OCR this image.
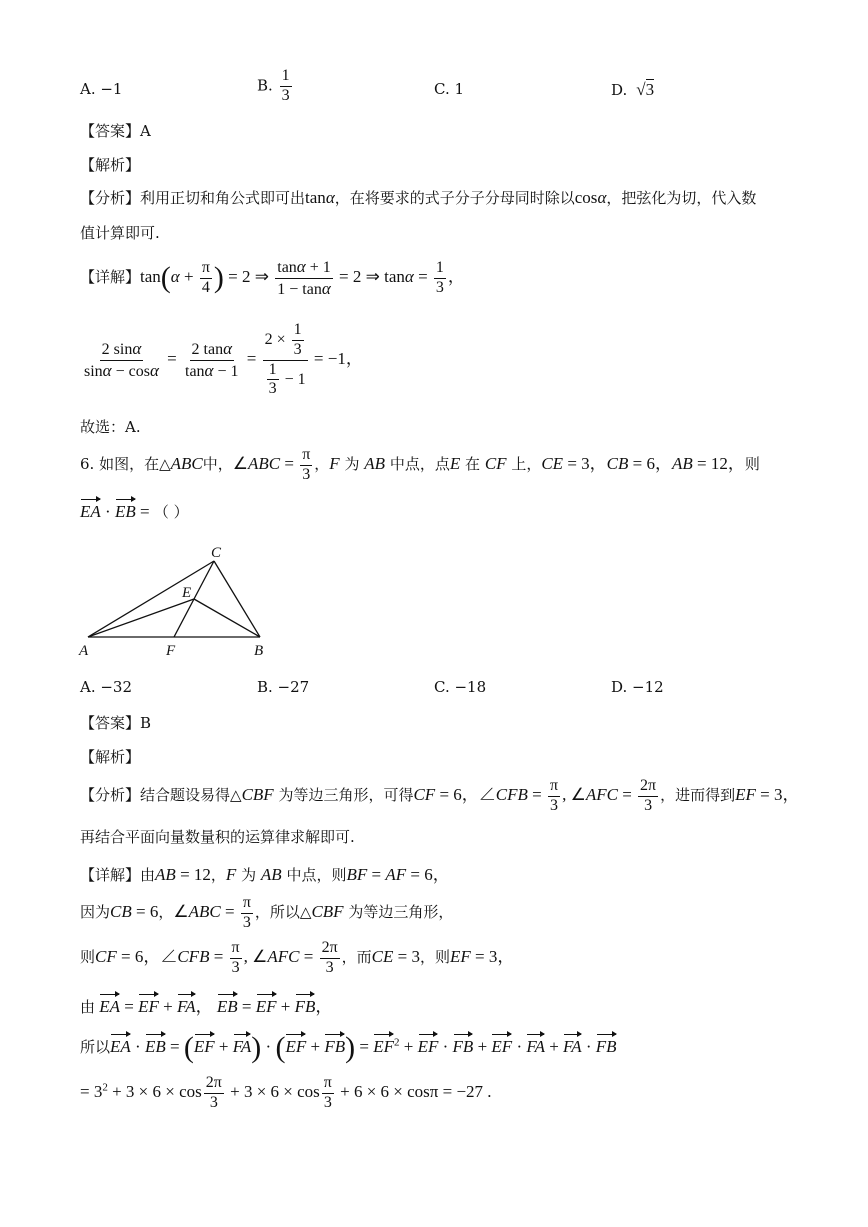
A. −1	B. $\frac{1}{3}$	C. 1	D.  √3
【答案】A
【解析】
【分析】利用正切和角公式即可出tanα，在将要求的式子分子分母同时除以cosα，把弦化为切，代入数
值计算即可.
【详解】$\tan(\alpha + \frac{\pi}{4}$ ) = 2 ⇒ $\frac{\tan\alpha + 1}{1 - \tan\alpha} = 2$ ⇒ $\tan\alpha = \frac{1}{3}$ ，
$\frac{2 \sin\alpha}{\sin\alpha - \cos\alpha} = \frac{2 \tan\alpha}{\tan\alpha - 1} = \frac{2 \times \frac{1}{3}}{\frac{1}{3} - 1} = -1$，
故选：A.
6. 如图，在△ABC中，∠ABC = $\frac{\pi}{3}$ ，F 为 AB 中点，点E 在 CF 上，CE = 3，CB = 6，AB = 12，则
EA · EB = （ ）
C
E
A	F	B
A. −32	B. −27	C. −18	D. −12
【答案】B
【解析】
【分析】结合题设易得△CBF 为等边三角形，可得CF = 6，∠CFB = $\frac{\pi}{3}$ , ∠AFC = $\frac{2\pi}{3}$ ，进而得到EF = 3，
再结合平面向量数量积的运算律求解即可.
【详解】由AB = 12，F 为 AB 中点，则BF = AF = 6，
因为CB = 6，∠ABC = $\frac{\pi}{3}$ ，所以△CBF 为等边三角形，
则CF = 6，∠CFB = $\frac{\pi}{3}$ , ∠AFC = $\frac{2\pi}{3}$ ，而CE = 3，则EF = 3，
由 EA = EF + FA， EB = EF + FB，
所以EA · EB = $(EF + FA) \cdot (EF + FB) = EF^2$ + EF · FB + EF · FA + FA · FB
= $3^2 + 3 \times 6 \times \cos \frac{2\pi}{3} + 3 \times 6 \times \cos \frac{\pi}{3} + 6 \times 6 \times \cos\pi = -27$ .
